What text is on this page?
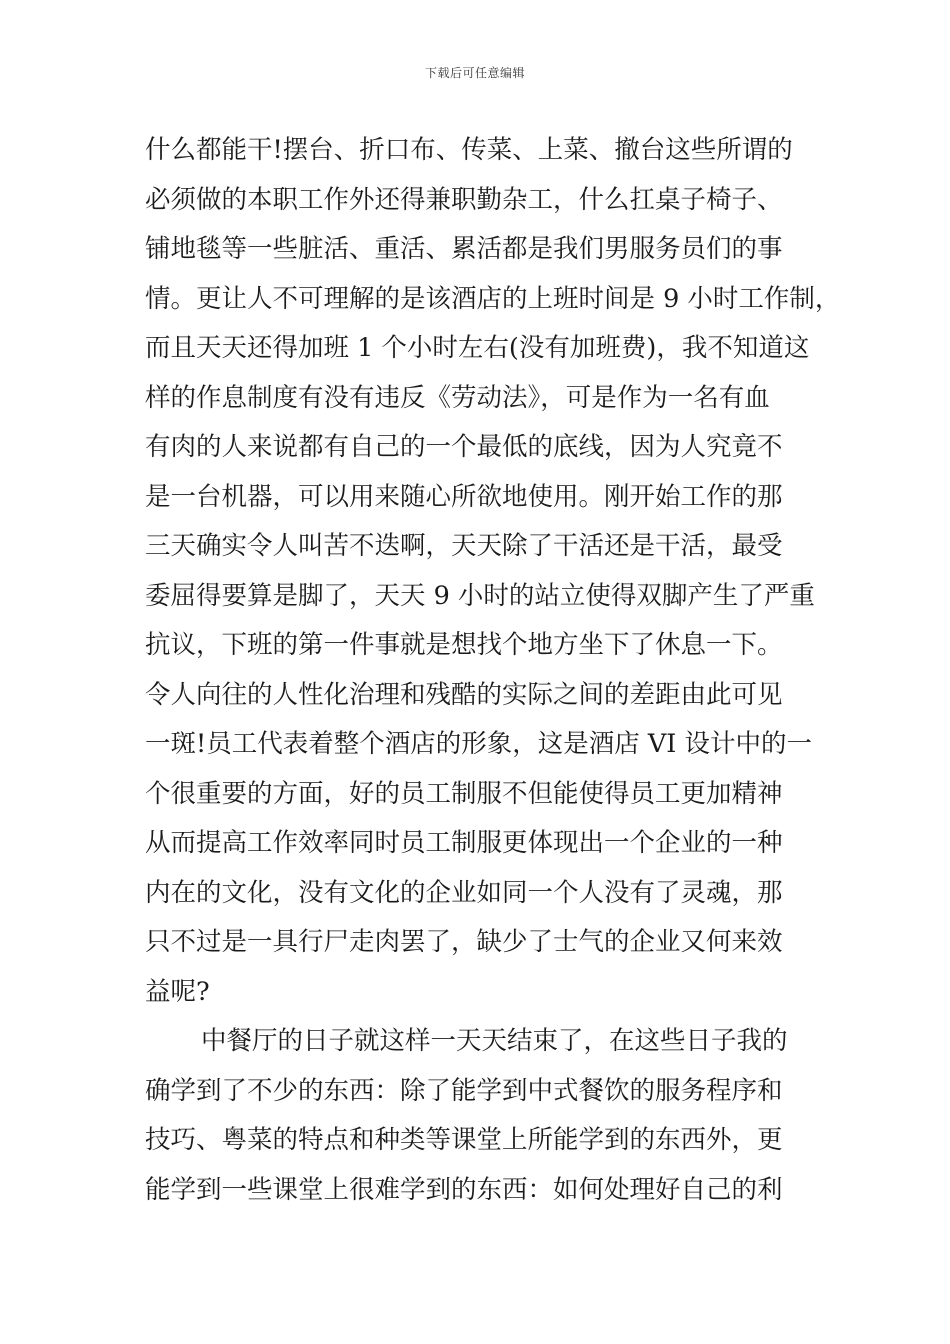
下载后可任意编辑
什么都能干!摆台、折口布、传菜、上菜、撤台这些所谓的
必须做的本职工作外还得兼职勤杂工，什么扛桌子椅子、
铺地毯等一些脏活、重活、累活都是我们男服务员们的事
情。更让人不可理解的是该酒店的上班时间是 9 小时工作制，
而且天天还得加班 1 个小时左右(没有加班费)，我不知道这
样的作息制度有没有违反《劳动法》，可是作为一名有血
有肉的人来说都有自己的一个最低的底线，因为人究竟不
是一台机器，可以用来随心所欲地使用。刚开始工作的那
三天确实令人叫苦不迭啊，天天除了干活还是干活，最受
委屈得要算是脚了，天天 9 小时的站立使得双脚产生了严重
抗议，下班的第一件事就是想找个地方坐下了休息一下。
令人向往的人性化治理和残酷的实际之间的差距由此可见
一斑!员工代表着整个酒店的形象，这是酒店 VI 设计中的一
个很重要的方面，好的员工制服不但能使得员工更加精神
从而提高工作效率同时员工制服更体现出一个企业的一种
内在的文化，没有文化的企业如同一个人没有了灵魂，那
只不过是一具行尸走肉罢了，缺少了士气的企业又何来效
益呢?
中餐厅的日子就这样一天天结束了，在这些日子我的
确学到了不少的东西：除了能学到中式餐饮的服务程序和
技巧、粤菜的特点和种类等课堂上所能学到的东西外，更
能学到一些课堂上很难学到的东西：如何处理好自己的利
